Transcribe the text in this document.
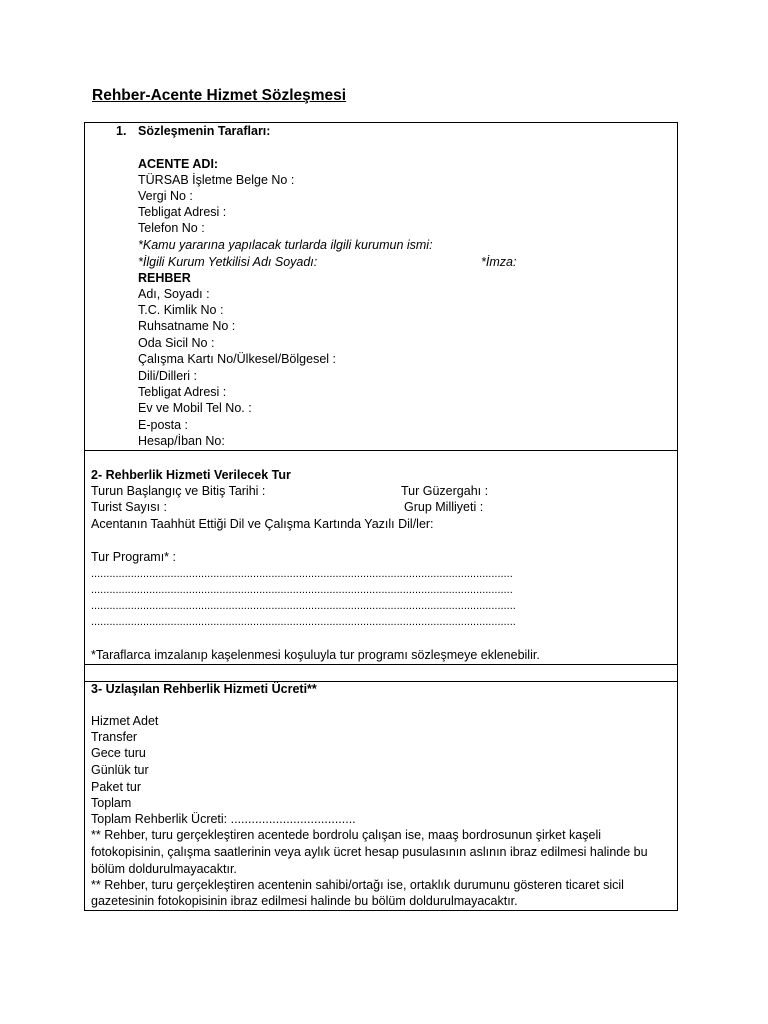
Rehber-Acente Hizmet Sözleşmesi
1. Sözleşmenin Tarafları:
ACENTE ADI:
TÜRSAB İşletme Belge No :
Vergi No :
Tebligat Adresi :
Telefon No :
*Kamu yararına yapılacak turlarda ilgili kurumun ismi:
*İlgili Kurum Yetkilisi Adı Soyadı:	*İmza:
REHBER
Adı, Soyadı :
T.C. Kimlik No :
Ruhsatname No :
Oda Sicil No :
Çalışma Kartı No/Ülkesel/Bölgesel :
Dili/Dilleri :
Tebligat Adresi :
Ev ve Mobil Tel No. :
E-posta :
Hesap/İban No:
2- Rehberlik Hizmeti Verilecek Tur
Turun Başlangıç ve Bitiş Tarihi :	Tur Güzergahı :
Turist Sayısı :	Grup Milliyeti :
Acentanın Taahhüt Ettiği Dil ve Çalışma Kartında Yazılı Dil/ler:
Tur Programı* :
..........................................................................................................................................
..........................................................................................................................................
...........................................................................................................................................
...........................................................................................................................................
*Taraflarca imzalanıp kaşelenmesi koşuluyla tur programı sözleşmeye eklenebilir.
3- Uzlaşılan Rehberlik Hizmeti Ücreti**
Hizmet Adet
Transfer
Gece turu
Günlük tur
Paket tur
Toplam
Toplam Rehberlik Ücreti: ....................................
** Rehber, turu gerçekleştiren acentede bordrolu çalışan ise, maaş bordrosunun şirket kaşeli
fotokopisinin, çalışma saatlerinin veya aylık ücret hesap pusulasının aslının ibraz edilmesi halinde bu
bölüm doldurulmayacaktır.
** Rehber, turu gerçekleştiren acentenin sahibi/ortağı ise, ortaklık durumunu gösteren ticaret sicil
gazetesinin fotokopisinin ibraz edilmesi halinde bu bölüm doldurulmayacaktır.
